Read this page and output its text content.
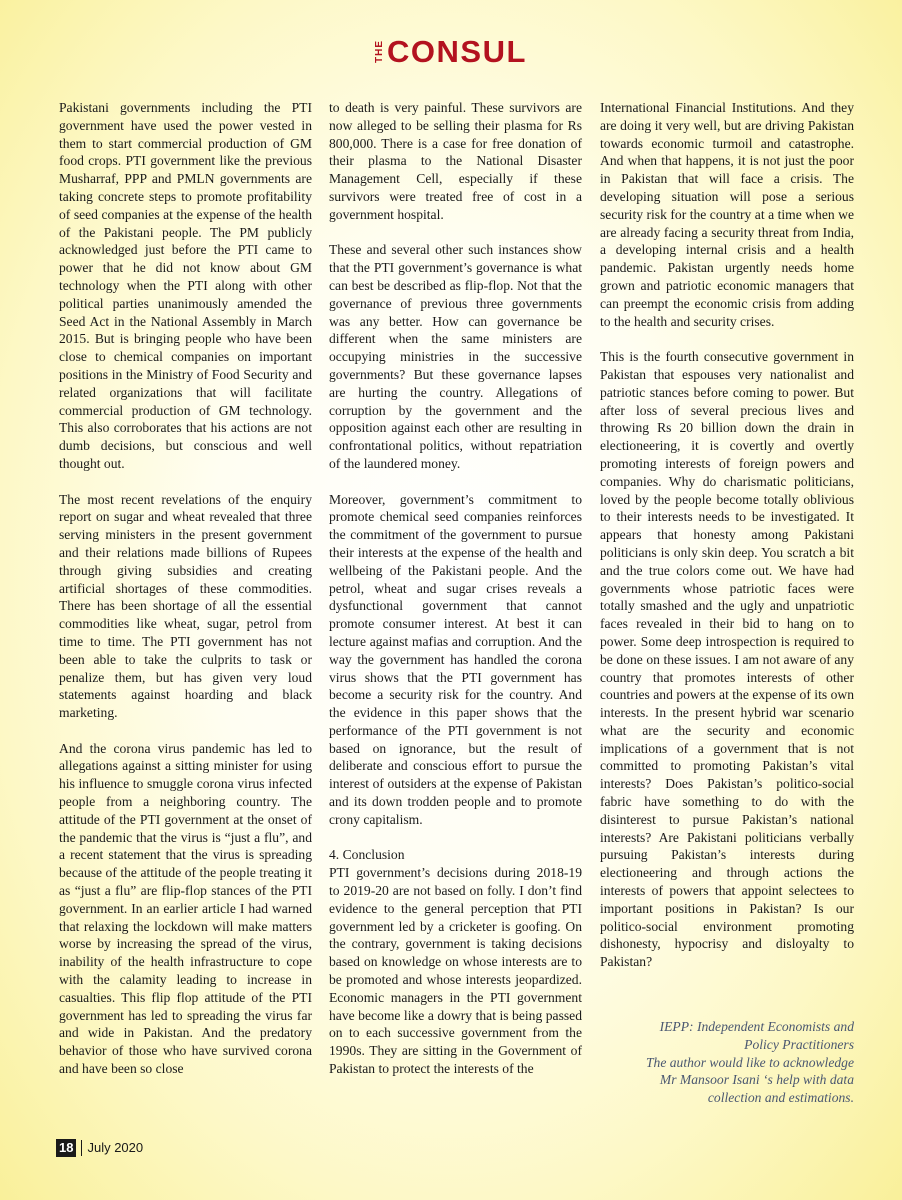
THE CONSUL

Pakistani governments including the PTI government have used the power vested in them to start commercial production of GM food crops. PTI government like the previous Musharraf, PPP and PMLN governments are taking concrete steps to promote profitability of seed companies at the expense of the health of the Pakistani people. The PM publicly acknowledged just before the PTI came to power that he did not know about GM technology when the PTI along with other political parties unanimously amended the Seed Act in the National Assembly in March 2015. But is bringing people who have been close to chemical companies on important positions in the Ministry of Food Security and related organizations that will facilitate commercial production of GM technology. This also corroborates that his actions are not dumb decisions, but conscious and well thought out.

The most recent revelations of the enquiry report on sugar and wheat revealed that three serving ministers in the present government and their relations made billions of Rupees through giving subsidies and creating artificial shortages of these commodities. There has been shortage of all the essential commodities like wheat, sugar, petrol from time to time. The PTI government has not been able to take the culprits to task or penalize them, but has given very loud statements against hoarding and black marketing.

And the corona virus pandemic has led to allegations against a sitting minister for using his influence to smuggle corona virus infected people from a neighboring country. The attitude of the PTI government at the onset of the pandemic that the virus is “just a flu”, and a recent statement that the virus is spreading because of the attitude of the people treating it as “just a flu” are flip-flop stances of the PTI government. In an earlier article I had warned that relaxing the lockdown will make matters worse by increasing the spread of the virus, inability of the health infrastructure to cope with the calamity leading to increase in casualties. This flip flop attitude of the PTI government has led to spreading the virus far and wide in Pakistan. And the predatory behavior of those who have survived corona and have been so close

to death is very painful. These survivors are now alleged to be selling their plasma for Rs 800,000. There is a case for free donation of their plasma to the National Disaster Management Cell, especially if these survivors were treated free of cost in a government hospital.

These and several other such instances show that the PTI government’s governance is what can best be described as flip-flop. Not that the governance of previous three governments was any better. How can governance be different when the same ministers are occupying ministries in the successive governments? But these governance lapses are hurting the country. Allegations of corruption by the government and the opposition against each other are resulting in confrontational politics, without repatriation of the laundered money.

Moreover, government’s commitment to promote chemical seed companies reinforces the commitment of the government to pursue their interests at the expense of the health and wellbeing of the Pakistani people. And the petrol, wheat and sugar crises reveals a dysfunctional government that cannot promote consumer interest. At best it can lecture against mafias and corruption. And the way the government has handled the corona virus shows that the PTI government has become a security risk for the country. And the evidence in this paper shows that the performance of the PTI government is not based on ignorance, but the result of deliberate and conscious effort to pursue the interest of outsiders at the expense of Pakistan and its down trodden people and to promote crony capitalism.

4. Conclusion

PTI government’s decisions during 2018-19 to 2019-20 are not based on folly. I don’t find evidence to the general perception that PTI government led by a cricketer is goofing. On the contrary, government is taking decisions based on knowledge on whose interests are to be promoted and whose interests jeopardized. Economic managers in the PTI government have become like a dowry that is being passed on to each successive government from the 1990s. They are sitting in the Government of Pakistan to protect the interests of the

International Financial Institutions. And they are doing it very well, but are driving Pakistan towards economic turmoil and catastrophe. And when that happens, it is not just the poor in Pakistan that will face a crisis. The developing situation will pose a serious security risk for the country at a time when we are already facing a security threat from India, a developing internal crisis and a health pandemic. Pakistan urgently needs home grown and patriotic economic managers that can preempt the economic crisis from adding to the health and security crises.

This is the fourth consecutive government in Pakistan that espouses very nationalist and patriotic stances before coming to power. But after loss of several precious lives and throwing Rs 20 billion down the drain in electioneering, it is covertly and overtly promoting interests of foreign powers and companies. Why do charismatic politicians, loved by the people become totally oblivious to their interests needs to be investigated. It appears that honesty among Pakistani politicians is only skin deep. You scratch a bit and the true colors come out. We have had governments whose patriotic faces were totally smashed and the ugly and unpatriotic faces revealed in their bid to hang on to power. Some deep introspection is required to be done on these issues. I am not aware of any country that promotes interests of other countries and powers at the expense of its own interests. In the present hybrid war scenario what are the security and economic implications of a government that is not committed to promoting Pakistan’s vital interests? Does Pakistan’s politico-social fabric have something to do with the disinterest to pursue Pakistan’s national interests? Are Pakistani politicians verbally pursuing Pakistan’s interests during electioneering and through actions the interests of powers that appoint selectees to important positions in Pakistan? Is our politico-social environment promoting dishonesty, hypocrisy and disloyalty to Pakistan?

IEPP: Independent Economists and
Policy Practitioners
The author would like to acknowledge
Mr Mansoor Isani ‘s help with data
collection and estimations.
18 July 2020
